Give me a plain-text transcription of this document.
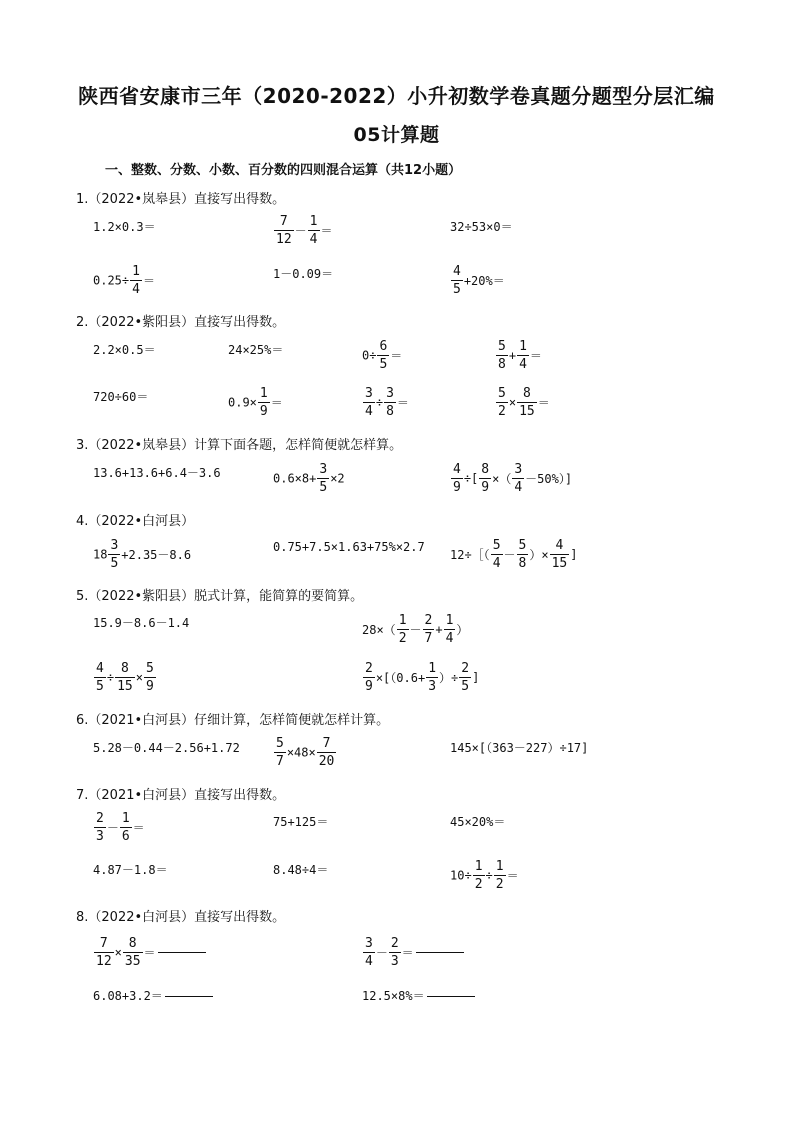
陕西省安康市三年（2020-2022）小升初数学卷真题分题型分层汇编
05计算题
一、整数、分数、小数、百分数的四则混合运算（共12小题）
1.（2022•岚皋县）直接写出得数。
1.2×0.3＝	$\frac{7}{12} - \frac{1}{4}$ ＝	32÷53×0＝
$0.25\div \frac{1}{4}$ ＝	1－0.09＝	$\frac{4}{5} +20\%=$
2.（2022•紫阳县）直接写出得数。
2.2×0.5＝	24×25%＝	$0\div \frac{6}{5}$ ＝	$\frac{5}{8} + \frac{1}{4}$ ＝
720÷60＝	$0.9\times \frac{1}{9}$ ＝	$\frac{3}{4} \div \frac{3}{8}$ ＝	$\frac{5}{2} \times \frac{8}{15}$ ＝
3.（2022•岚皋县）计算下面各题，怎样简便就怎样算。
13.6+13.6+6.4－3.6	$0.6\times 8+ \frac{3}{5} \times 2$	$\frac{4}{9}$ ÷[ $\frac{8}{9}$ ×（ $\frac{3}{4} -50\%$）]
4.（2022•白河县）
$18 \frac{3}{5} +2.35-8.6$
0.75+7.5×1.63+75%×2.7
12÷［（ $\frac{5}{4} - \frac{5}{8}$ ）× $\frac{4}{15}$ ]
5.（2022•紫阳县）脱式计算，能简算的要简算。
15.9－8.6－1.4	$28\times( \frac{1}{2} - \frac{2}{7} + \frac{1}{4}$ ）
$\frac{4}{5} \div \frac{8}{15} \times \frac{5}{9}$	$\frac{2}{9} \times[(0.6+ \frac{1}{3}$ ）÷ $\frac{2}{5}$ ]
6.（2021•白河县）仔细计算，怎样简便就怎样计算。
5.28－0.44－2.56+1.72	$\frac{5}{7} \times 48\times \frac{7}{20}$	145×[（363－227）÷17]
7.（2021•白河县）直接写出得数。
$\frac{2}{3} - \frac{1}{6}$ ＝	75+125＝	45×20%＝
4.87－1.8＝	8.48÷4＝	$10\div \frac{1}{2} \div \frac{1}{2}$ ＝
8.（2022•白河县）直接写出得数。
$\frac{7}{12} \times \frac{8}{35}$ ＝	$\frac{3}{4} - \frac{2}{3}$ ＝
6.08+3.2＝	12.5×8%＝
